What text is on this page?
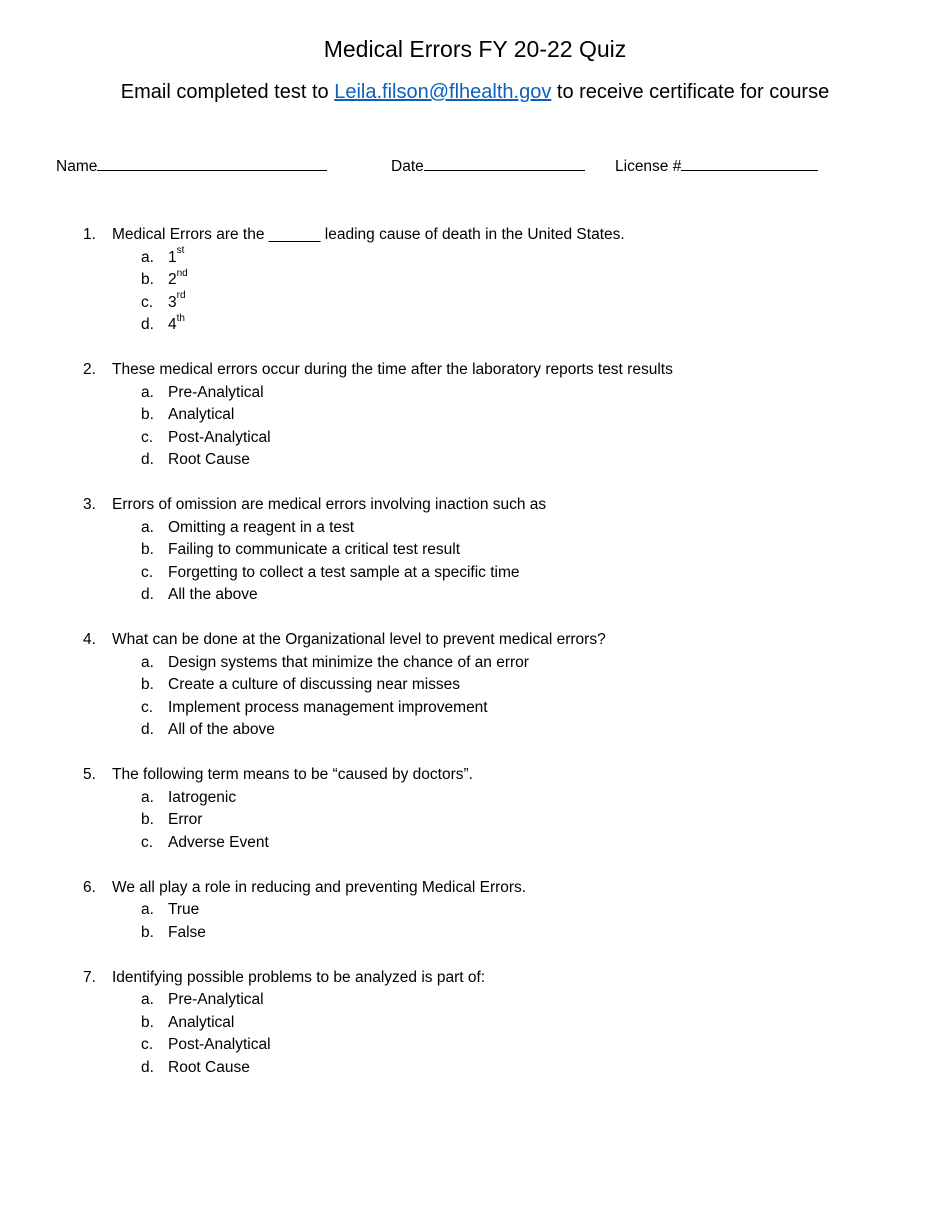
Medical Errors FY 20-22 Quiz
Email completed test to Leila.filson@flhealth.gov to receive certificate for course
Name	Date	License #
1. Medical Errors are the ______ leading cause of death in the United States.
a. 1st
b. 2nd
c. 3rd
d. 4th
2. These medical errors occur during the time after the laboratory reports test results
a. Pre-Analytical
b. Analytical
c. Post-Analytical
d. Root Cause
3. Errors of omission are medical errors involving inaction such as
a. Omitting a reagent in a test
b. Failing to communicate a critical test result
c. Forgetting to collect a test sample at a specific time
d. All the above
4. What can be done at the Organizational level to prevent medical errors?
a. Design systems that minimize the chance of an error
b. Create a culture of discussing near misses
c. Implement process management improvement
d. All of the above
5. The following term means to be “caused by doctors”.
a. Iatrogenic
b. Error
c. Adverse Event
6. We all play a role in reducing and preventing Medical Errors.
a. True
b. False
7. Identifying possible problems to be analyzed is part of:
a. Pre-Analytical
b. Analytical
c. Post-Analytical
d. Root Cause
